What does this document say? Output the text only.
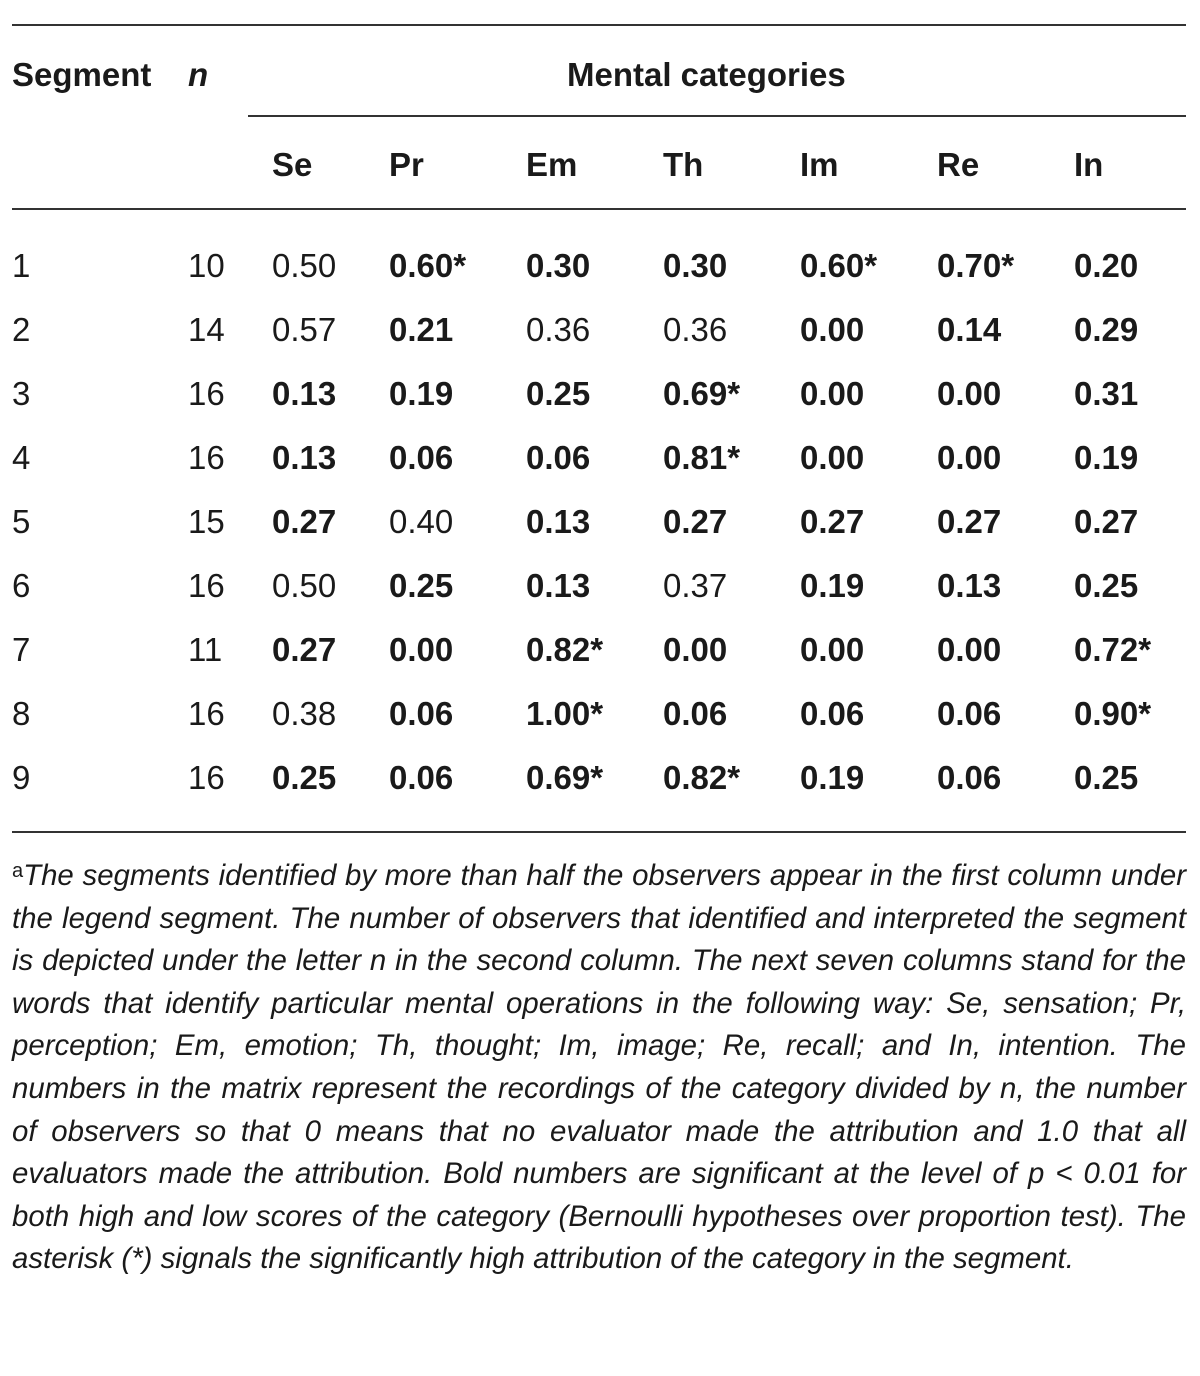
Segment n	Mental categories
Se Pr	Em	Th	Im	Re	In
1	10 0.50 0.60* 0.30 0.30 0.60* 0.70* 0.20
2	14 0.57 0.21 0.36 0.36 0.00 0.14 0.29
3	16 0.13 0.19 0.25 0.69* 0.00 0.00 0.31
4	16 0.13 0.06 0.06 0.81* 0.00 0.00 0.19
5	15 0.27 0.40 0.13 0.27 0.27 0.27 0.27
6	16 0.50 0.25 0.13 0.37 0.19 0.13 0.25
7	11 0.27 0.00 0.82* 0.00 0.00 0.00 0.72*
8	16 0.38 0.06 1.00* 0.06 0.06 0.06 0.90*
9	16 0.25 0.06 0.69* 0.82* 0.19 0.06 0.25
$^a$The segments identified by more than half the observers appear in the first column under the legend segment. The number of observers that identified and interpreted the segment is depicted under the letter n in the second column. The next seven columns stand for the words that identify particular mental operations in the following way: Se, sensation; Pr, perception; Em, emotion; Th, thought; Im, image; Re, recall; and In, intention. The numbers in the matrix represent the recordings of the category divided by n, the number of observers so that 0 means that no evaluator made the attribution and 1.0 that all evaluators made the attribution. Bold numbers are significant at the level of p < 0.01 for both high and low scores of the category (Bernoulli hypotheses over proportion test). The asterisk (*) signals the significantly high attribution of the category in the segment.
